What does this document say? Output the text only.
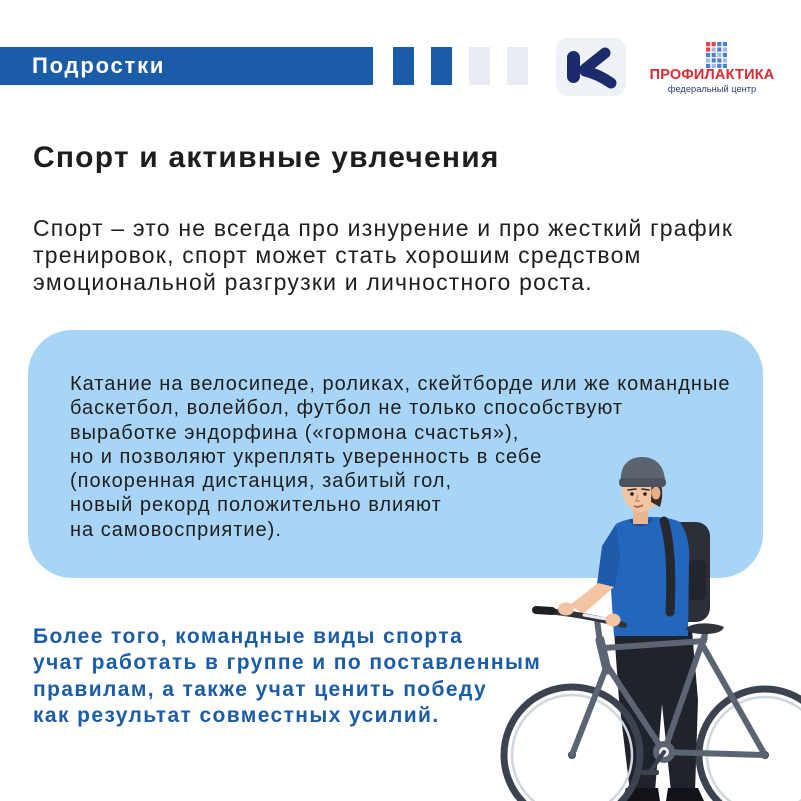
Подростки	ПРОФИЛАКТИКА
федеральный центр
Спорт и активные увлечения
Спорт – это не всегда про изнурение и про жесткий график
тренировок, спорт может стать хорошим средством
эмоциональной разгрузки и личностного роста.
Катание на велосипеде, роликах, скейтборде или же командные
баскетбол, волейбол, футбол не только способствуют
выработке эндорфина («гормона счастья»),
но и позволяют укреплять уверенность в себе
(покоренная дистанция, забитый гол,
новый рекорд положительно влияют
на самовосприятие).
Более того, командные виды спорта
учат работать в группе и по поставленным
правилам, а также учат ценить победу
как результат совместных усилий.
